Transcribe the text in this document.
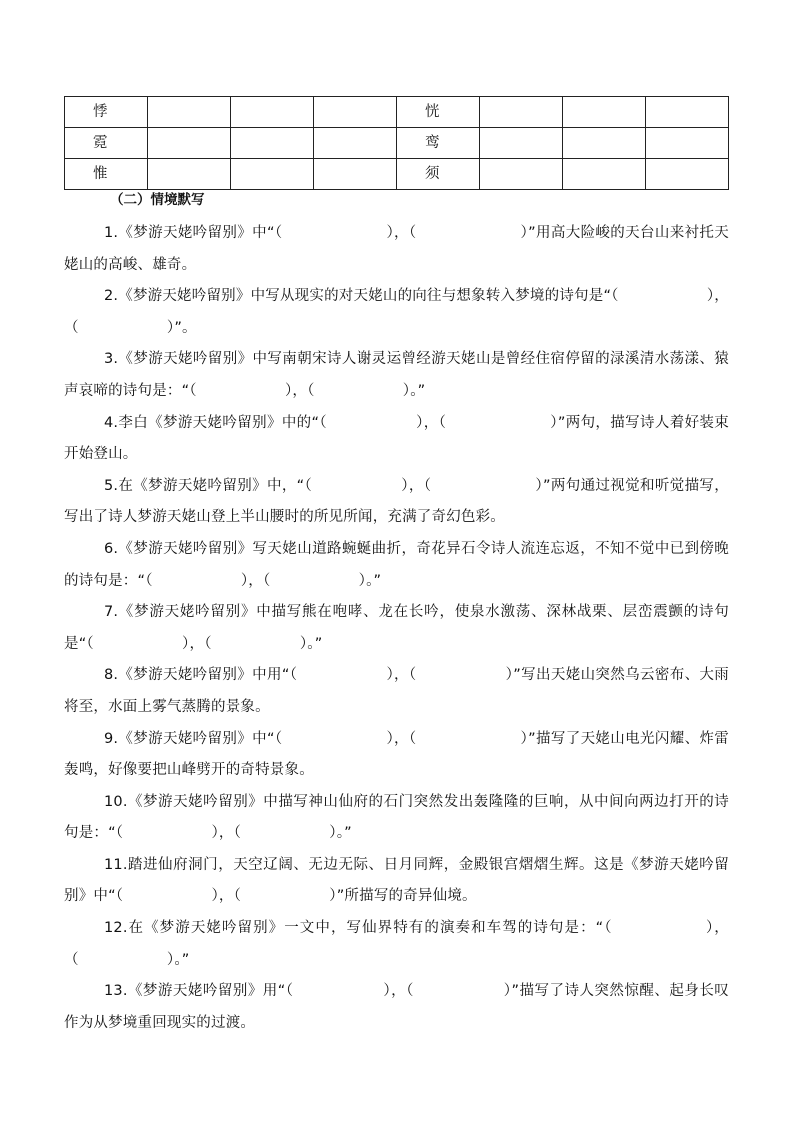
悸				恍			
霓				鸾			
惟				须			
（二）情境默写

1.《梦游天姥吟留别》中“（　　　　　　　），（　　　　　　　）”用高大险峻的天台山来衬托天姥山的高峻、雄奇。

2.《梦游天姥吟留别》中写从现实的对天姥山的向往与想象转入梦境的诗句是“（　　　　　　），（　　　　　　）”。

3.《梦游天姥吟留别》中写南朝宋诗人谢灵运曾经游天姥山是曾经住宿停留的渌溪清水荡漾、猿声哀啼的诗句是：“（　　　　　　），（　　　　　　）。”

4.李白《梦游天姥吟留别》中的“（　　　　　　），（　　　　　　　）”两句，描写诗人着好装束开始登山。

5.在《梦游天姥吟留别》中，“（　　　　　　），（　　　　　　　）”两句通过视觉和听觉描写，写出了诗人梦游天姥山登上半山腰时的所见所闻，充满了奇幻色彩。

6.《梦游天姥吟留别》写天姥山道路蜿蜒曲折，奇花异石令诗人流连忘返，不知不觉中已到傍晚的诗句是：“（　　　　　　），（　　　　　　）。”

7.《梦游天姥吟留别》中描写熊在咆哮、龙在长吟，使泉水激荡、深林战栗、层峦震颤的诗句是“（　　　　　　），（　　　　　　）。”

8.《梦游天姥吟留别》中用“（　　　　　　），（　　　　　　）”写出天姥山突然乌云密布、大雨将至，水面上雾气蒸腾的景象。

9.《梦游天姥吟留别》中“（　　　　　　　），（　　　　　　　）”描写了天姥山电光闪耀、炸雷轰鸣，好像要把山峰劈开的奇特景象。

10.《梦游天姥吟留别》中描写神山仙府的石门突然发出轰隆隆的巨响，从中间向两边打开的诗句是：“（　　　　　　），（　　　　　　）。”

11.踏进仙府洞门，天空辽阔、无边无际、日月同辉，金殿银宫熠熠生辉。这是《梦游天姥吟留别》中“（　　　　　　），（　　　　　　）”所描写的奇异仙境。

12.在《梦游天姥吟留别》一文中，写仙界特有的演奏和车驾的诗句是：“（　　　　　　），（　　　　　　）。”

13.《梦游天姥吟留别》用“（　　　　　　），（　　　　　　）”描写了诗人突然惊醒、起身长叹作为从梦境重回现实的过渡。
